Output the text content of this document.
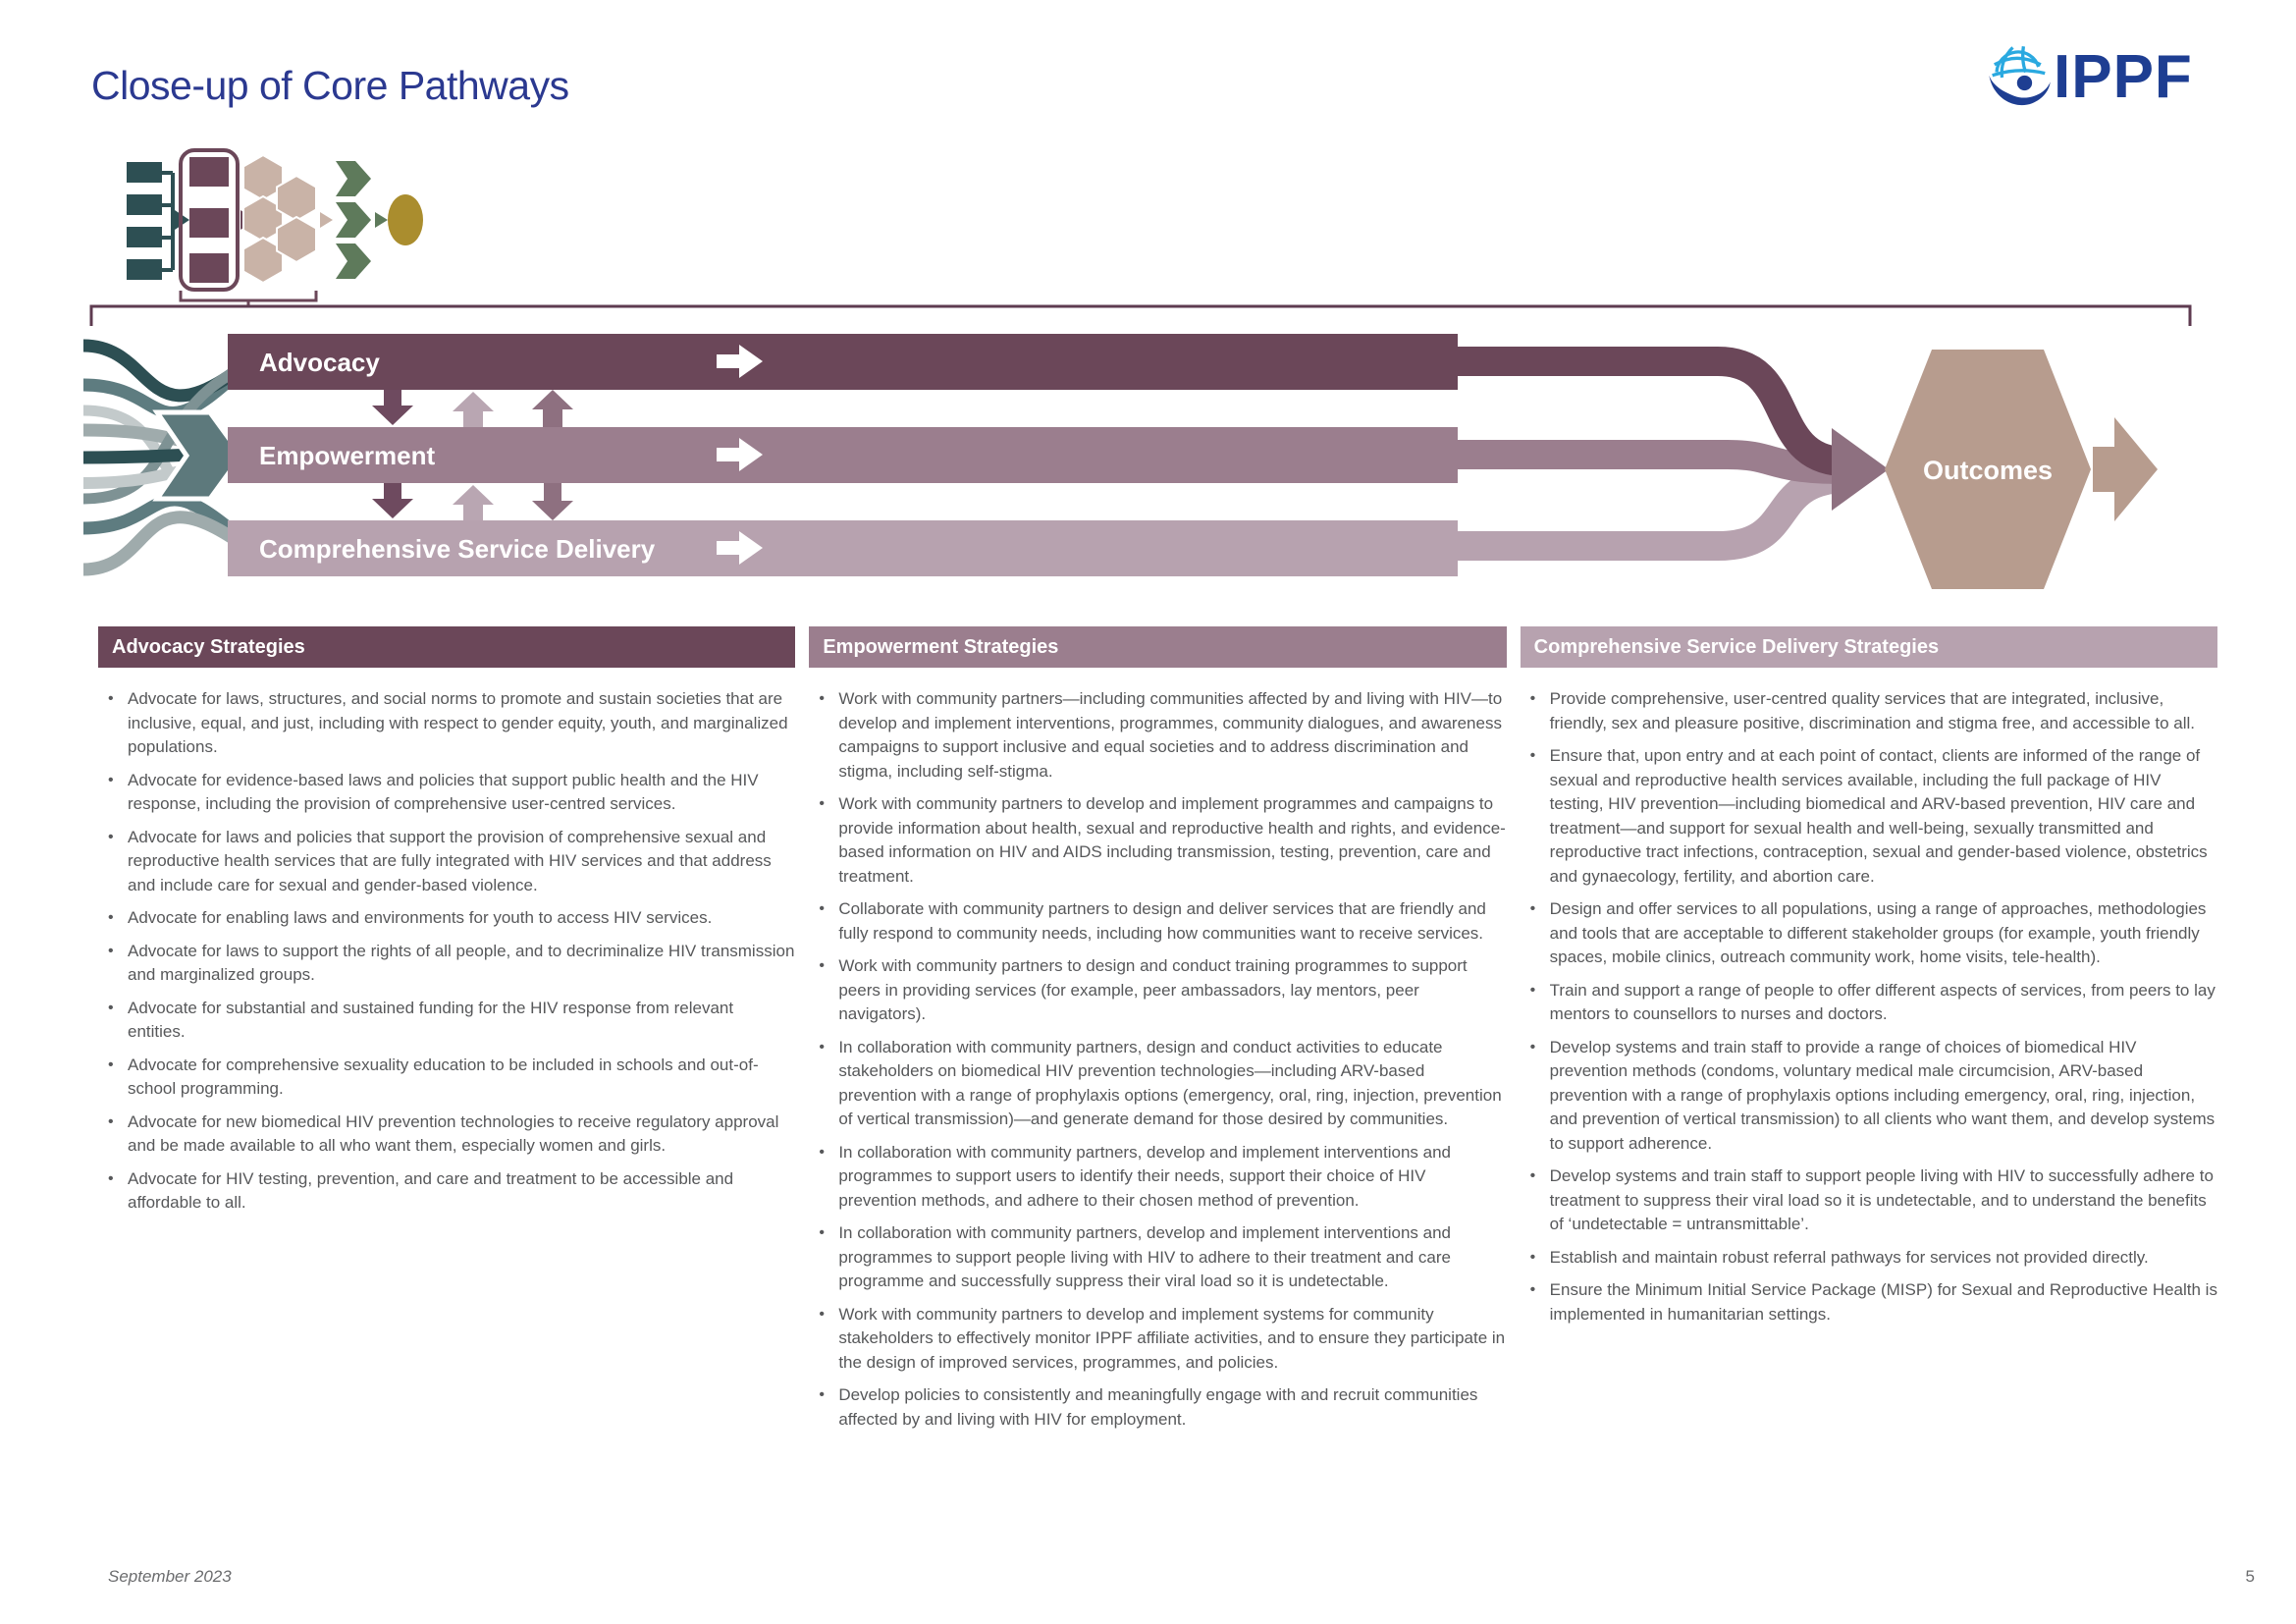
Close-up of Core Pathways	IPPF
Outcomes
Advocacy
Empowerment
Comprehensive Service Delivery
Advocacy Strategies
• Advocate for laws, structures, and social norms to promote and sustain societies that are inclusive, equal, and just, including with respect to gender equity, youth, and marginalized populations.
• Advocate for evidence-based laws and policies that support public health and the HIV response, including the provision of comprehensive user-centred services.
• Advocate for laws and policies that support the provision of comprehensive sexual and reproductive health services that are fully integrated with HIV services and that address and include care for sexual and gender-based violence.
• Advocate for enabling laws and environments for youth to access HIV services.
• Advocate for laws to support the rights of all people, and to decriminalize HIV transmission and marginalized groups.
• Advocate for substantial and sustained funding for the HIV response from relevant entities.
• Advocate for comprehensive sexuality education to be included in schools and out-of-school programming.
• Advocate for new biomedical HIV prevention technologies to receive regulatory approval and be made available to all who want them, especially women and girls.
• Advocate for HIV testing, prevention, and care and treatment to be accessible and affordable to all.
Empowerment Strategies
• Work with community partners—including communities affected by and living with HIV—to develop and implement interventions, programmes, community dialogues, and awareness campaigns to support inclusive and equal societies and to address discrimination and stigma, including self-stigma.
• Work with community partners to develop and implement programmes and campaigns to provide information about health, sexual and reproductive health and rights, and evidence-based information on HIV and AIDS including transmission, testing, prevention, care and treatment.
• Collaborate with community partners to design and deliver services that are friendly and fully respond to community needs, including how communities want to receive services.
• Work with community partners to design and conduct training programmes to support peers in providing services (for example, peer ambassadors, lay mentors, peer navigators).
• In collaboration with community partners, design and conduct activities to educate stakeholders on biomedical HIV prevention technologies—including ARV-based prevention with a range of prophylaxis options (emergency, oral, ring, injection, prevention of vertical transmission)—and generate demand for those desired by communities.
• In collaboration with community partners, develop and implement interventions and programmes to support users to identify their needs, support their choice of HIV prevention methods, and adhere to their chosen method of prevention.
• In collaboration with community partners, develop and implement interventions and programmes to support people living with HIV to adhere to their treatment and care programme and successfully suppress their viral load so it is undetectable.
• Work with community partners to develop and implement systems for community stakeholders to effectively monitor IPPF affiliate activities, and to ensure they participate in the design of improved services, programmes, and policies.
• Develop policies to consistently and meaningfully engage with and recruit communities affected by and living with HIV for employment.
Comprehensive Service Delivery Strategies
• Provide comprehensive, user-centred quality services that are integrated, inclusive, friendly, sex and pleasure positive, discrimination and stigma free, and accessible to all.
• Ensure that, upon entry and at each point of contact, clients are informed of the range of sexual and reproductive health services available, including the full package of HIV testing, HIV prevention—including biomedical and ARV-based prevention, HIV care and treatment—and support for sexual health and well-being, sexually transmitted and reproductive tract infections, contraception, sexual and gender-based violence, obstetrics and gynaecology, fertility, and abortion care.
• Design and offer services to all populations, using a range of approaches, methodologies and tools that are acceptable to different stakeholder groups (for example, youth friendly spaces, mobile clinics, outreach community work, home visits, tele-health).
• Train and support a range of people to offer different aspects of services, from peers to lay mentors to counsellors to nurses and doctors.
• Develop systems and train staff to provide a range of choices of biomedical HIV prevention methods (condoms, voluntary medical male circumcision, ARV-based prevention with a range of prophylaxis options including emergency, oral, ring, injection, and prevention of vertical transmission) to all clients who want them, and develop systems to support adherence.
• Develop systems and train staff to support people living with HIV to successfully adhere to treatment to suppress their viral load so it is undetectable, and to understand the benefits of ‘undetectable = untransmittable’.
• Establish and maintain robust referral pathways for services not provided directly.
• Ensure the Minimum Initial Service Package (MISP) for Sexual and Reproductive Health is implemented in humanitarian settings.
September 2023	5
